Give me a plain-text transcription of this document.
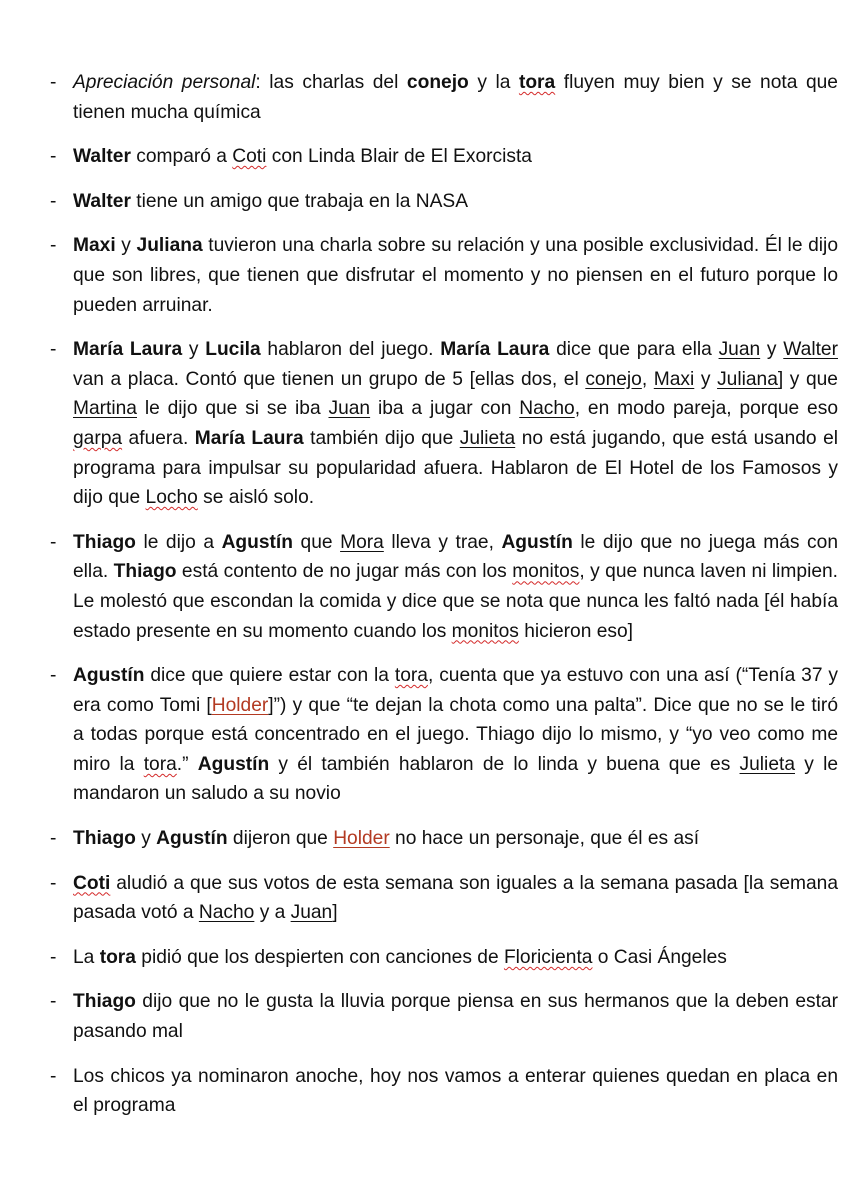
- Apreciación personal: las charlas del conejo y la tora fluyen muy bien y se nota que tienen mucha química
- Walter comparó a Coti con Linda Blair de El Exorcista
- Walter tiene un amigo que trabaja en la NASA
- Maxi y Juliana tuvieron una charla sobre su relación y una posible exclusividad. Él le dijo que son libres, que tienen que disfrutar el momento y no piensen en el futuro porque lo pueden arruinar.
- María Laura y Lucila hablaron del juego. María Laura dice que para ella Juan y Walter van a placa. Contó que tienen un grupo de 5 [ellas dos, el conejo, Maxi y Juliana] y que Martina le dijo que si se iba Juan iba a jugar con Nacho, en modo pareja, porque eso garpa afuera. María Laura también dijo que Julieta no está jugando, que está usando el programa para impulsar su popularidad afuera. Hablaron de El Hotel de los Famosos y dijo que Locho se aisló solo.
- Thiago le dijo a Agustín que Mora lleva y trae, Agustín le dijo que no juega más con ella. Thiago está contento de no jugar más con los monitos, y que nunca laven ni limpien. Le molestó que escondan la comida y dice que se nota que nunca les faltó nada [él había estado presente en su momento cuando los monitos hicieron eso]
- Agustín dice que quiere estar con la tora, cuenta que ya estuvo con una así (“Tenía 37 y era como Tomi [Holder]”) y que “te dejan la chota como una palta”. Dice que no se le tiró a todas porque está concentrado en el juego. Thiago dijo lo mismo, y “yo veo como me miro la tora.” Agustín y él también hablaron de lo linda y buena que es Julieta y le mandaron un saludo a su novio
- Thiago y Agustín dijeron que Holder no hace un personaje, que él es así
- Coti aludió a que sus votos de esta semana son iguales a la semana pasada [la semana pasada votó a Nacho y a Juan]
- La tora pidió que los despierten con canciones de Floricienta o Casi Ángeles
- Thiago dijo que no le gusta la lluvia porque piensa en sus hermanos que la deben estar pasando mal
- Los chicos ya nominaron anoche, hoy nos vamos a enterar quienes quedan en placa en el programa
